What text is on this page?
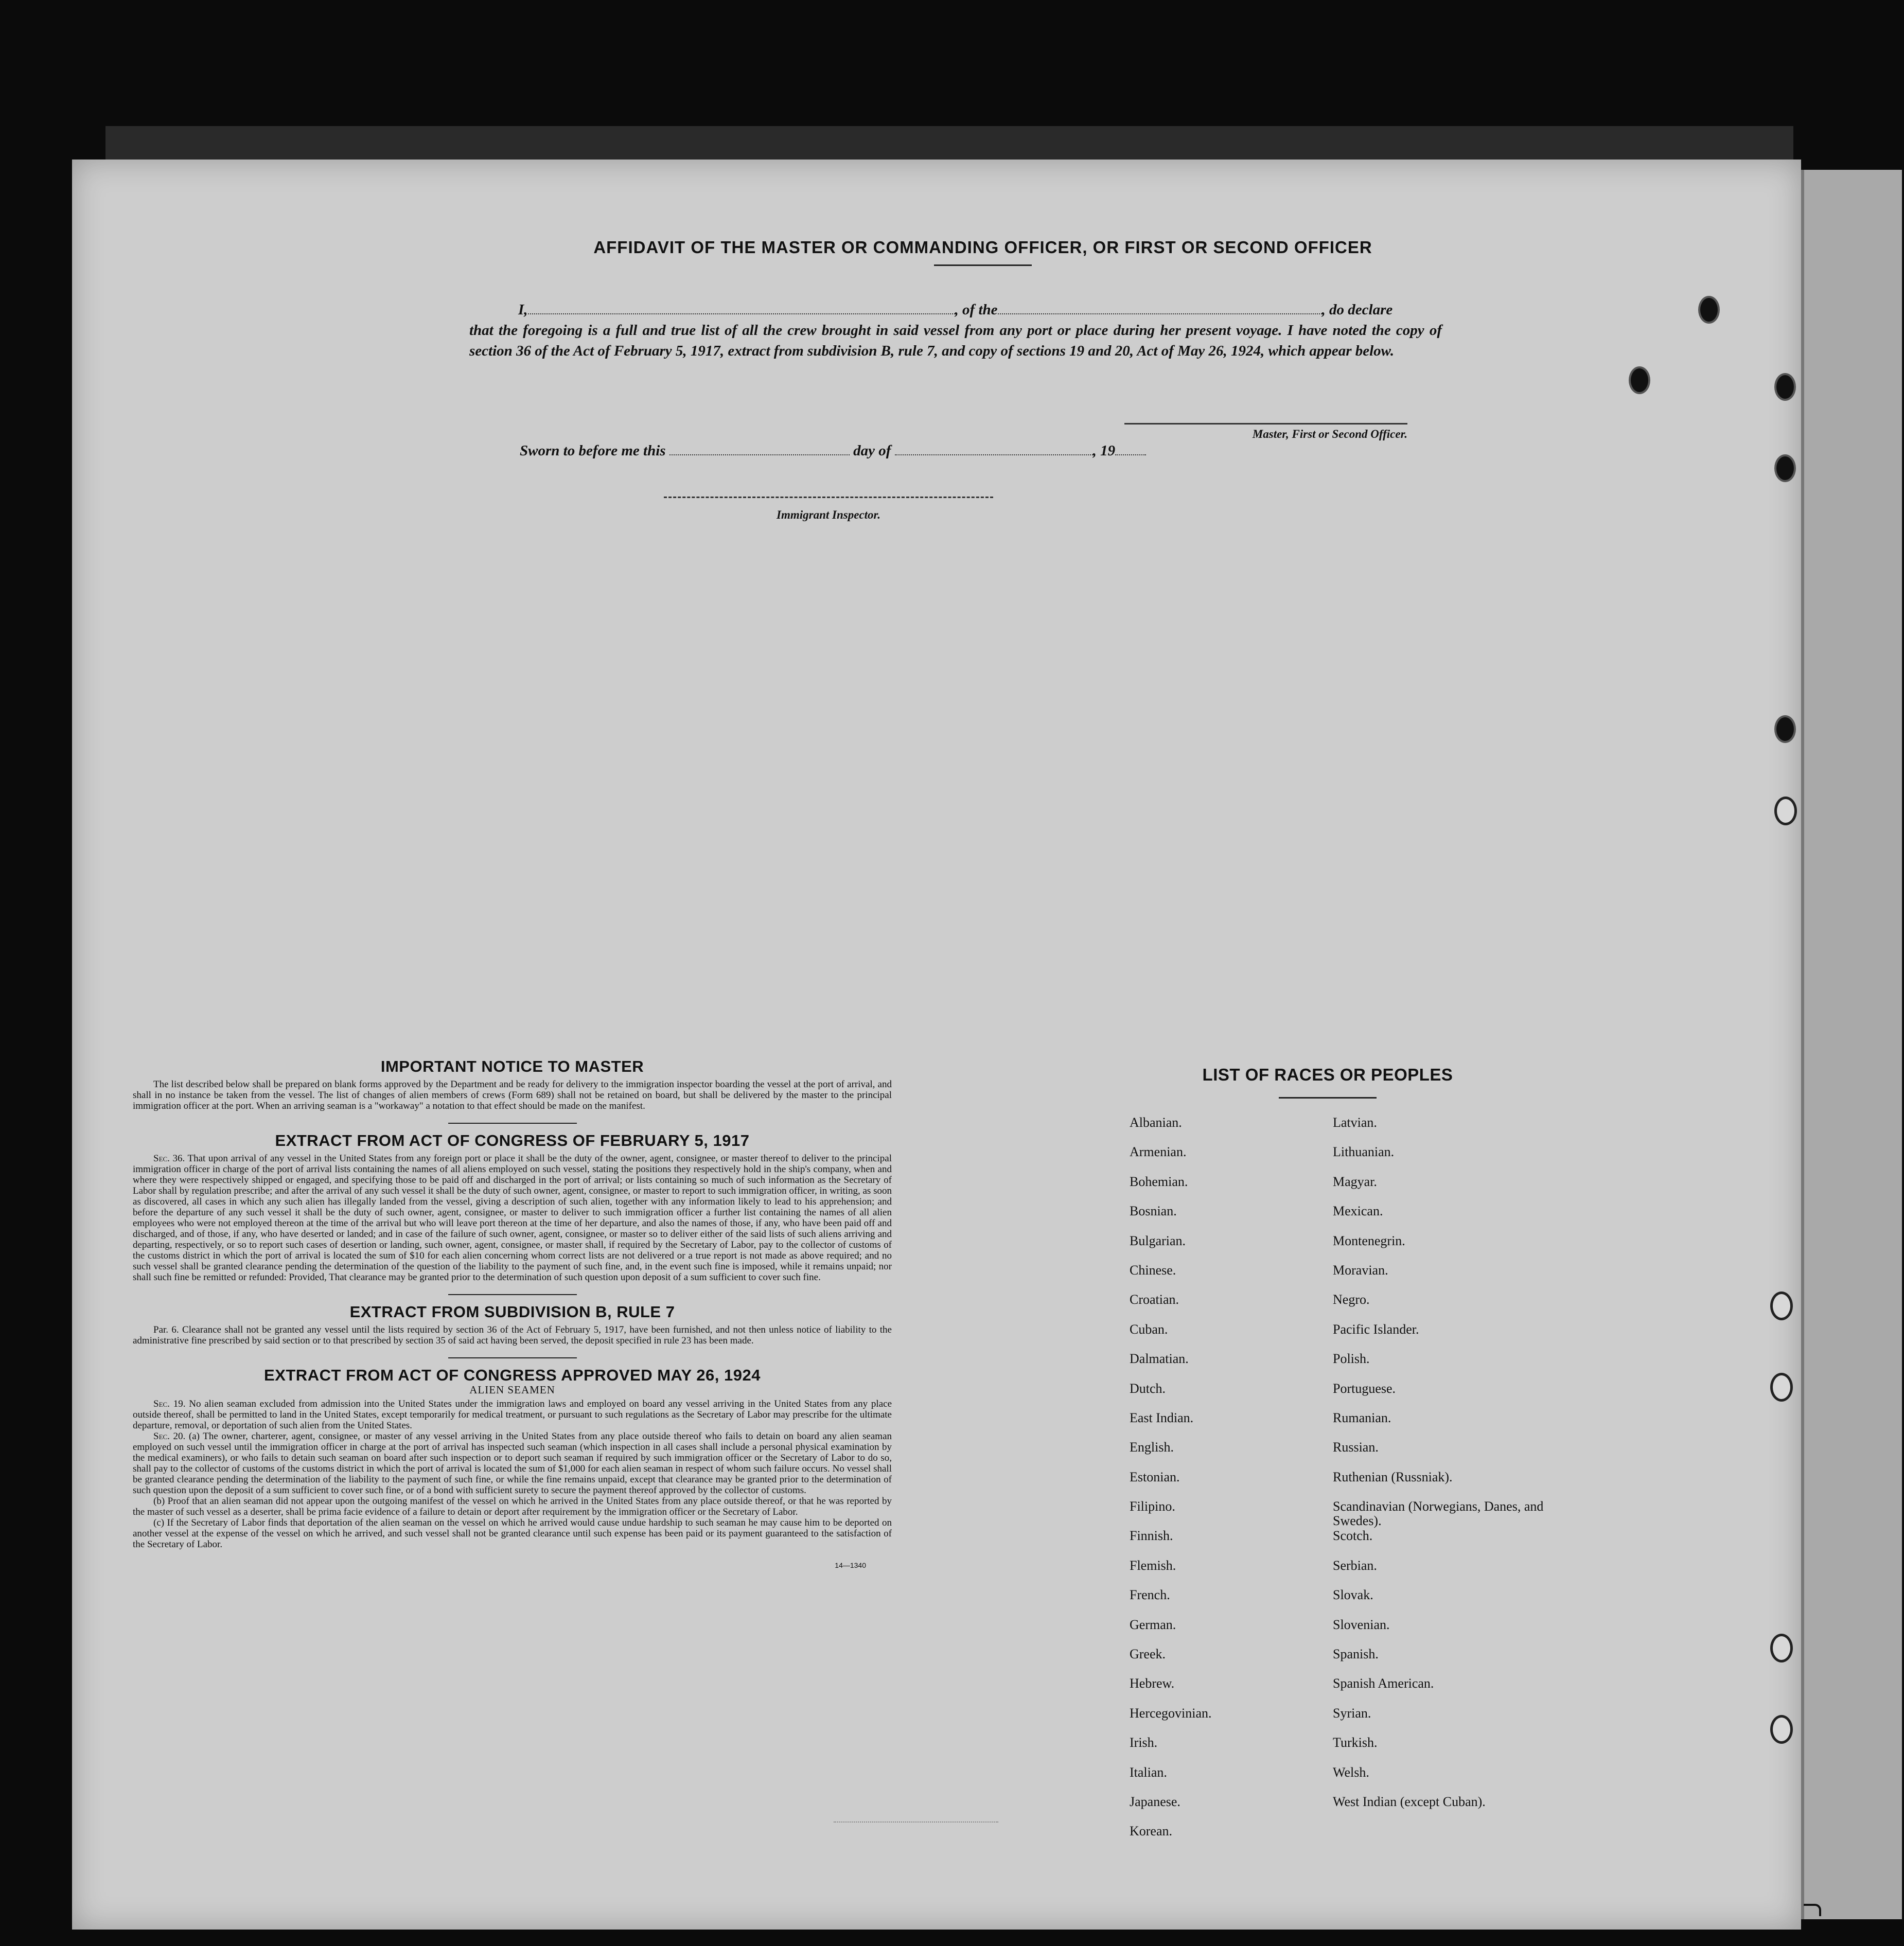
AFFIDAVIT OF THE MASTER OR COMMANDING OFFICER, OR FIRST OR SECOND OFFICER
I,	, of the	, do declare
that the foregoing is a full and true list of all the crew brought in said vessel from any port or place during her present voyage. I have noted the copy of section 36 of the Act of February 5, 1917, extract from subdivision B, rule 7, and copy of sections 19 and 20, Act of May 26, 1924, which appear below.
Master, First or Second Officer.
Sworn to before me this	day of	, 19
Immigrant Inspector.
IMPORTANT NOTICE TO MASTER

The list described below shall be prepared on blank forms approved by the Department and be ready for delivery to the immigration inspector boarding the vessel at the port of arrival, and shall in no instance be taken from the vessel. The list of changes of alien members of crews (Form 689) shall not be retained on board, but shall be delivered by the master to the principal immigration officer at the port. When an arriving seaman is a "workaway" a notation to that effect should be made on the manifest.

EXTRACT FROM ACT OF CONGRESS OF FEBRUARY 5, 1917

Sec. 36. That upon arrival of any vessel in the United States from any foreign port or place it shall be the duty of the owner, agent, consignee, or master thereof to deliver to the principal immigration officer in charge of the port of arrival lists containing the names of all aliens employed on such vessel, stating the positions they respectively hold in the ship's company, when and where they were respectively shipped or engaged, and specifying those to be paid off and discharged in the port of arrival; or lists containing so much of such information as the Secretary of Labor shall by regulation prescribe; and after the arrival of any such vessel it shall be the duty of such owner, agent, consignee, or master to report to such immigration officer, in writing, as soon as discovered, all cases in which any such alien has illegally landed from the vessel, giving a description of such alien, together with any information likely to lead to his apprehension; and before the departure of any such vessel it shall be the duty of such owner, agent, consignee, or master to deliver to such immigration officer a further list containing the names of all alien employees who were not employed thereon at the time of the arrival but who will leave port thereon at the time of her departure, and also the names of those, if any, who have been paid off and discharged, and of those, if any, who have deserted or landed; and in case of the failure of such owner, agent, consignee, or master so to deliver either of the said lists of such aliens arriving and departing, respectively, or so to report such cases of desertion or landing, such owner, agent, consignee, or master shall, if required by the Secretary of Labor, pay to the collector of customs of the customs district in which the port of arrival is located the sum of $10 for each alien concerning whom correct lists are not delivered or a true report is not made as above required; and no such vessel shall be granted clearance pending the determination of the question of the liability to the payment of such fine, and, in the event such fine is imposed, while it remains unpaid; nor shall such fine be remitted or refunded: Provided, That clearance may be granted prior to the determination of such question upon deposit of a sum sufficient to cover such fine.

EXTRACT FROM SUBDIVISION B, RULE 7

Par. 6. Clearance shall not be granted any vessel until the lists required by section 36 of the Act of February 5, 1917, have been furnished, and not then unless notice of liability to the administrative fine prescribed by said section or to that prescribed by section 35 of said act having been served, the deposit specified in rule 23 has been made.

EXTRACT FROM ACT OF CONGRESS APPROVED MAY 26, 1924
ALIEN SEAMEN

Sec. 19. No alien seaman excluded from admission into the United States under the immigration laws and employed on board any vessel arriving in the United States from any place outside thereof, shall be permitted to land in the United States, except temporarily for medical treatment, or pursuant to such regulations as the Secretary of Labor may prescribe for the ultimate departure, removal, or deportation of such alien from the United States.

Sec. 20. (a) The owner, charterer, agent, consignee, or master of any vessel arriving in the United States from any place outside thereof who fails to detain on board any alien seaman employed on such vessel until the immigration officer in charge at the port of arrival has inspected such seaman (which inspection in all cases shall include a personal physical examination by the medical examiners), or who fails to detain such seaman on board after such inspection or to deport such seaman if required by such immigration officer or the Secretary of Labor to do so, shall pay to the collector of customs of the customs district in which the port of arrival is located the sum of $1,000 for each alien seaman in respect of whom such failure occurs. No vessel shall be granted clearance pending the determination of the liability to the payment of such fine, or while the fine remains unpaid, except that clearance may be granted prior to the determination of such question upon the deposit of a sum sufficient to cover such fine, or of a bond with sufficient surety to secure the payment thereof approved by the collector of customs.

(b) Proof that an alien seaman did not appear upon the outgoing manifest of the vessel on which he arrived in the United States from any place outside thereof, or that he was reported by the master of such vessel as a deserter, shall be prima facie evidence of a failure to detain or deport after requirement by the immigration officer or the Secretary of Labor.

(c) If the Secretary of Labor finds that deportation of the alien seaman on the vessel on which he arrived would cause undue hardship to such seaman he may cause him to be deported on another vessel at the expense of the vessel on which he arrived, and such vessel shall not be granted clearance until such expense has been paid or its payment guaranteed to the satisfaction of the Secretary of Labor.

14—1340
LIST OF RACES OR PEOPLES
Albanian.	Latvian.
Armenian.	Lithuanian.
Bohemian.	Magyar.
Bosnian.	Mexican.
Bulgarian.	Montenegrin.
Chinese.	Moravian.
Croatian.	Negro.
Cuban.	Pacific Islander.
Dalmatian.	Polish.
Dutch.	Portuguese.
East Indian.	Rumanian.
English.	Russian.
Estonian.	Ruthenian (Russniak).
Filipino.	Scandinavian (Norwegians, Danes, and Swedes).
Finnish.	Scotch.
Flemish.	Serbian.
French.	Slovak.
German.	Slovenian.
Greek.	Spanish.
Hebrew.	Spanish American.
Hercegovinian.	Syrian.
Irish.	Turkish.
Italian.	Welsh.
Japanese.	West Indian (except Cuban).
Korean.
